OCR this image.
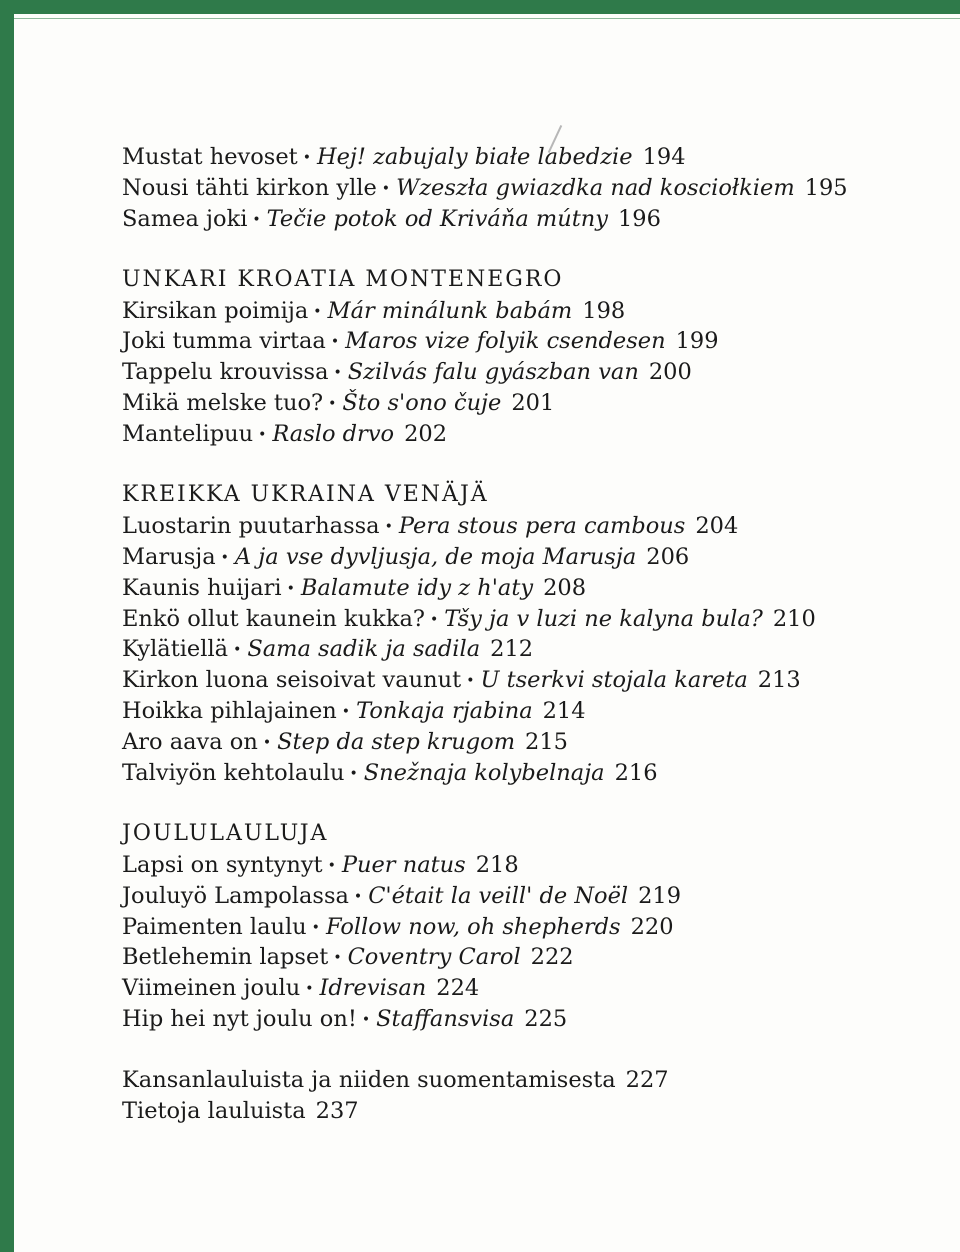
Mustat hevoset • Hej! zabujaly białe labedzie 194
Nousi tähti kirkon ylle • Wzeszła gwiazdka nad kosciołkiem 195
Samea joki • Tečie potok od Kriváňa mútny 196
UNKARI KROATIA MONTENEGRO
Kirsikan poimija • Már minálunk babám 198
Joki tumma virtaa • Maros vize folyik csendesen 199
Tappelu krouvissa • Szilvás falu gyászban van 200
Mikä melske tuo? • Što s'ono čuje 201
Mantelipuu • Raslo drvo 202
KREIKKA UKRAINA VENÄJÄ
Luostarin puutarhassa • Pera stous pera cambous 204
Marusja • A ja vse dyvljusja, de moja Marusja 206
Kaunis huijari • Balamute idy z h'aty 208
Enkö ollut kaunein kukka? • Tšy ja v luzi ne kalyna bula? 210
Kylätiellä • Sama sadik ja sadila 212
Kirkon luona seisoivat vaunut • U tserkvi stojala kareta 213
Hoikka pihlajainen • Tonkaja rjabina 214
Aro aava on • Step da step krugom 215
Talviyön kehtolaulu • Snežnaja kolybelnaja 216
JOULULAULUJA
Lapsi on syntynyt • Puer natus 218
Jouluyö Lampolassa • C'était la veill' de Noël 219
Paimenten laulu • Follow now, oh shepherds 220
Betlehemin lapset • Coventry Carol 222
Viimeinen joulu • Idrevisan 224
Hip hei nyt joulu on! • Staffansvisa 225
Kansanlauluista ja niiden suomentamisesta 227
Tietoja lauluista 237
